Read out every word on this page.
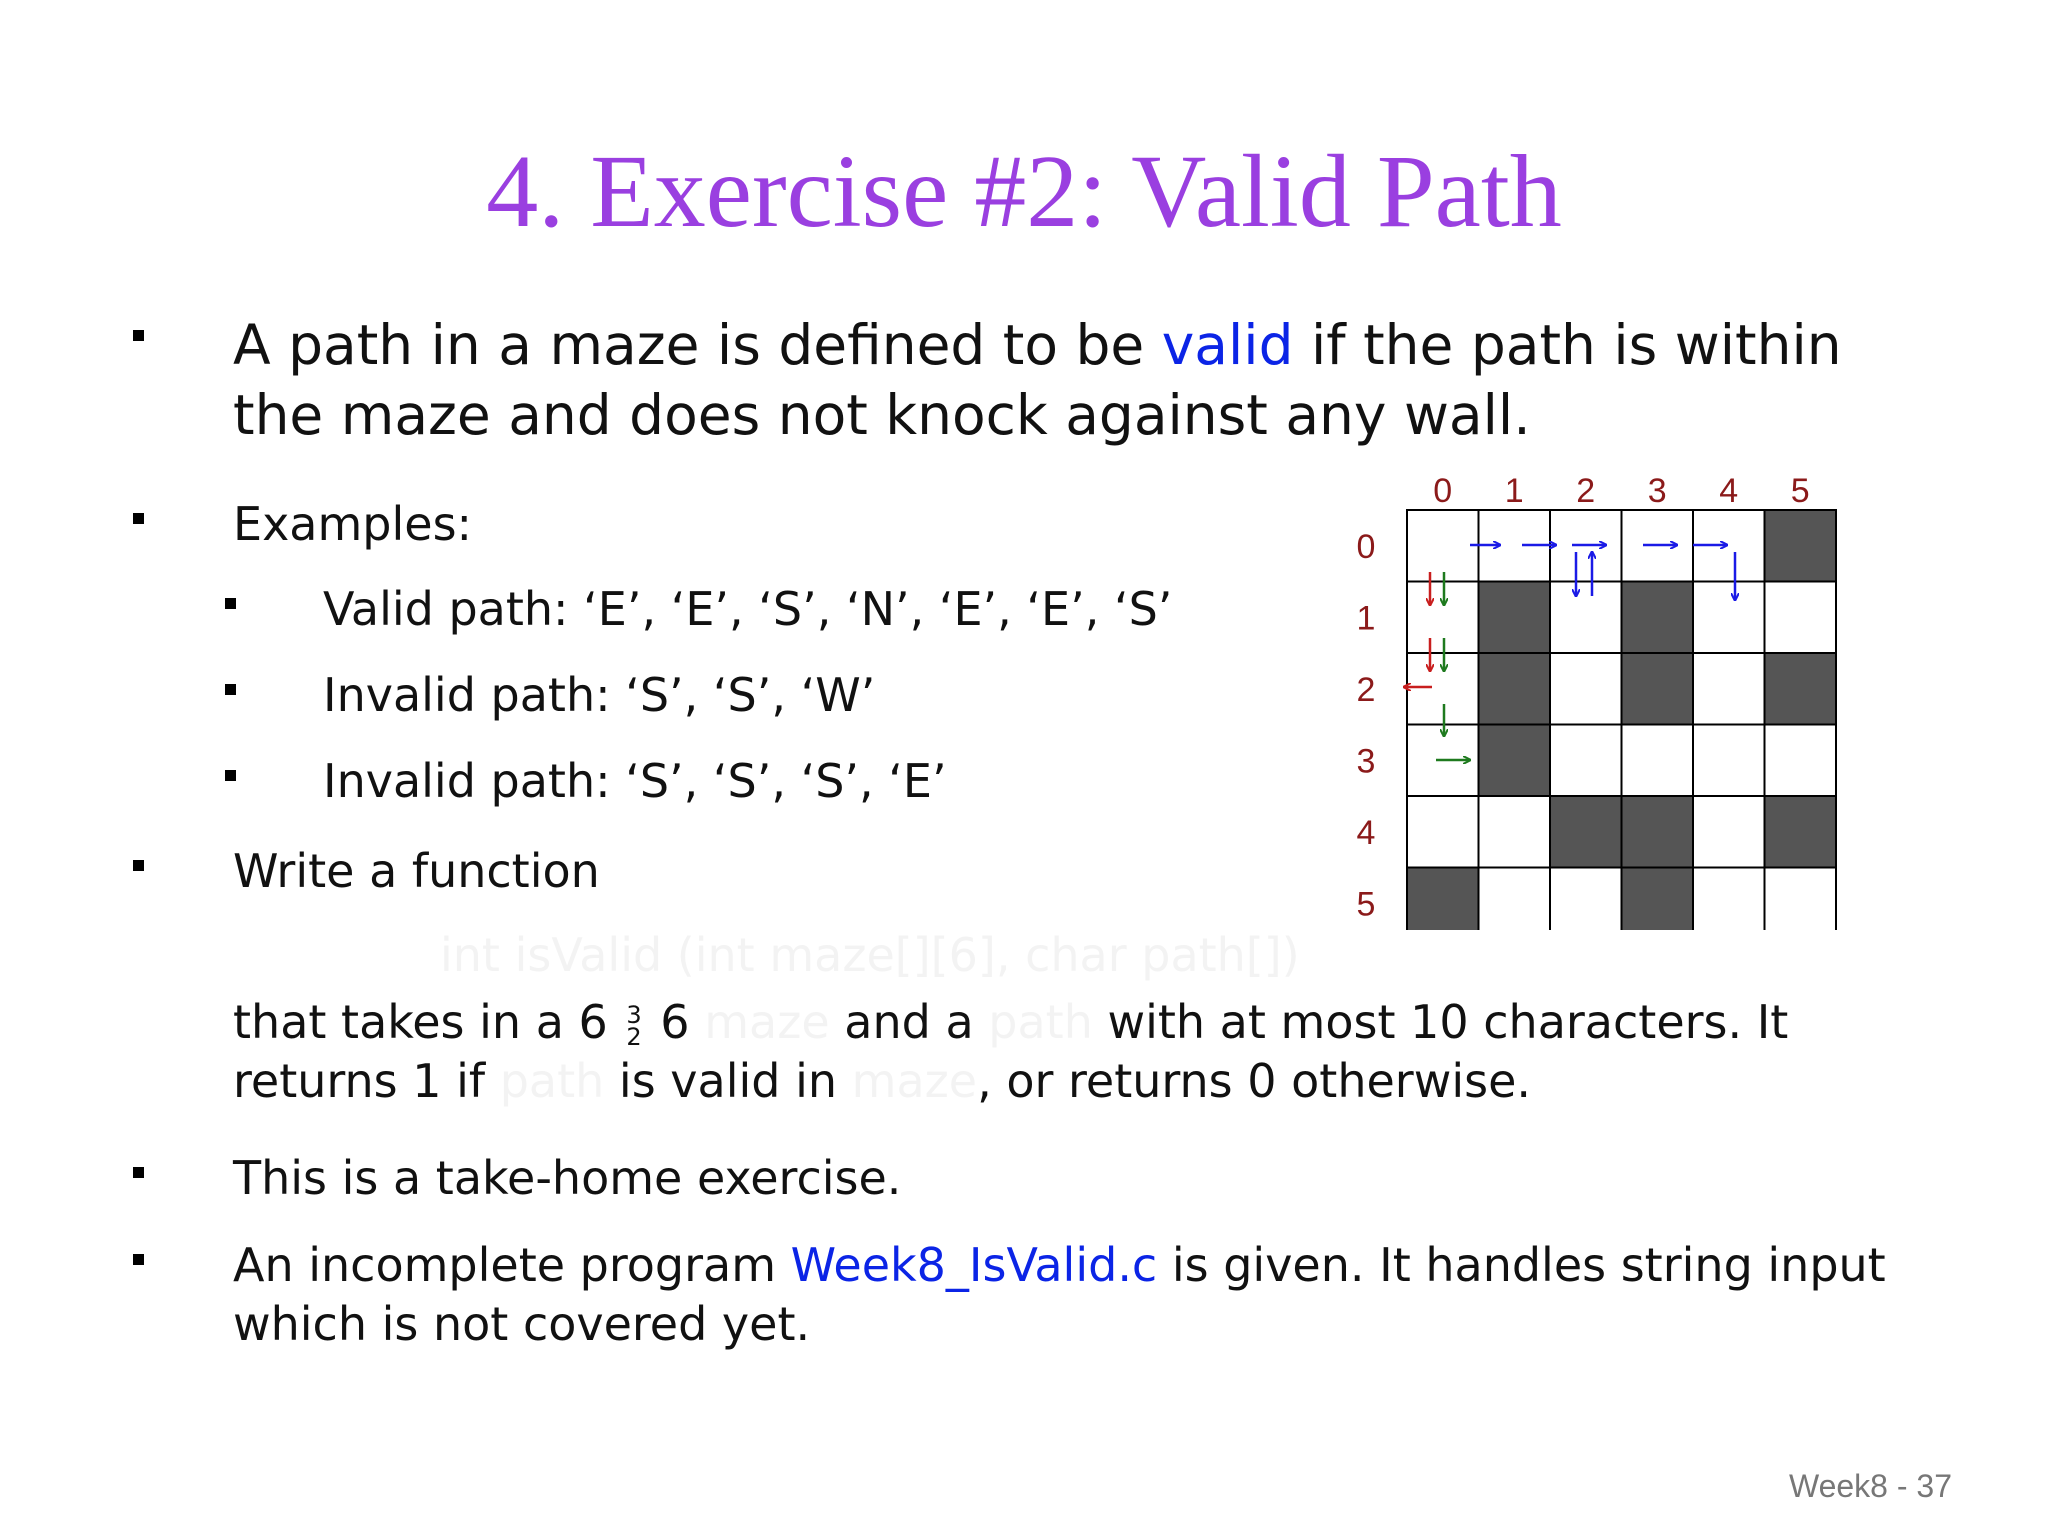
4. Exercise #2: Valid Path
A path in a maze is defined to be valid if the path is within
the maze and does not knock against any wall.
Examples:
Valid path: ‘E’, ‘E’, ‘S’, ‘N’, ‘E’, ‘E’, ‘S’
Invalid path: ‘S’, ‘S’, ‘W’
Invalid path: ‘S’, ‘S’, ‘S’, ‘E’
Write a function
int isValid (int maze[][6], char path[])
that takes in a 6 3
2 6 maze and a path with at most 10 characters. It
returns 1 if path is valid in maze, or returns 0 otherwise.
This is a take-home exercise.
An incomplete program Week8_IsValid.c is given. It handles string input
which is not covered yet.
0 1 2 3 4 5
0
1
2
3
4
5
Week8 - 37
